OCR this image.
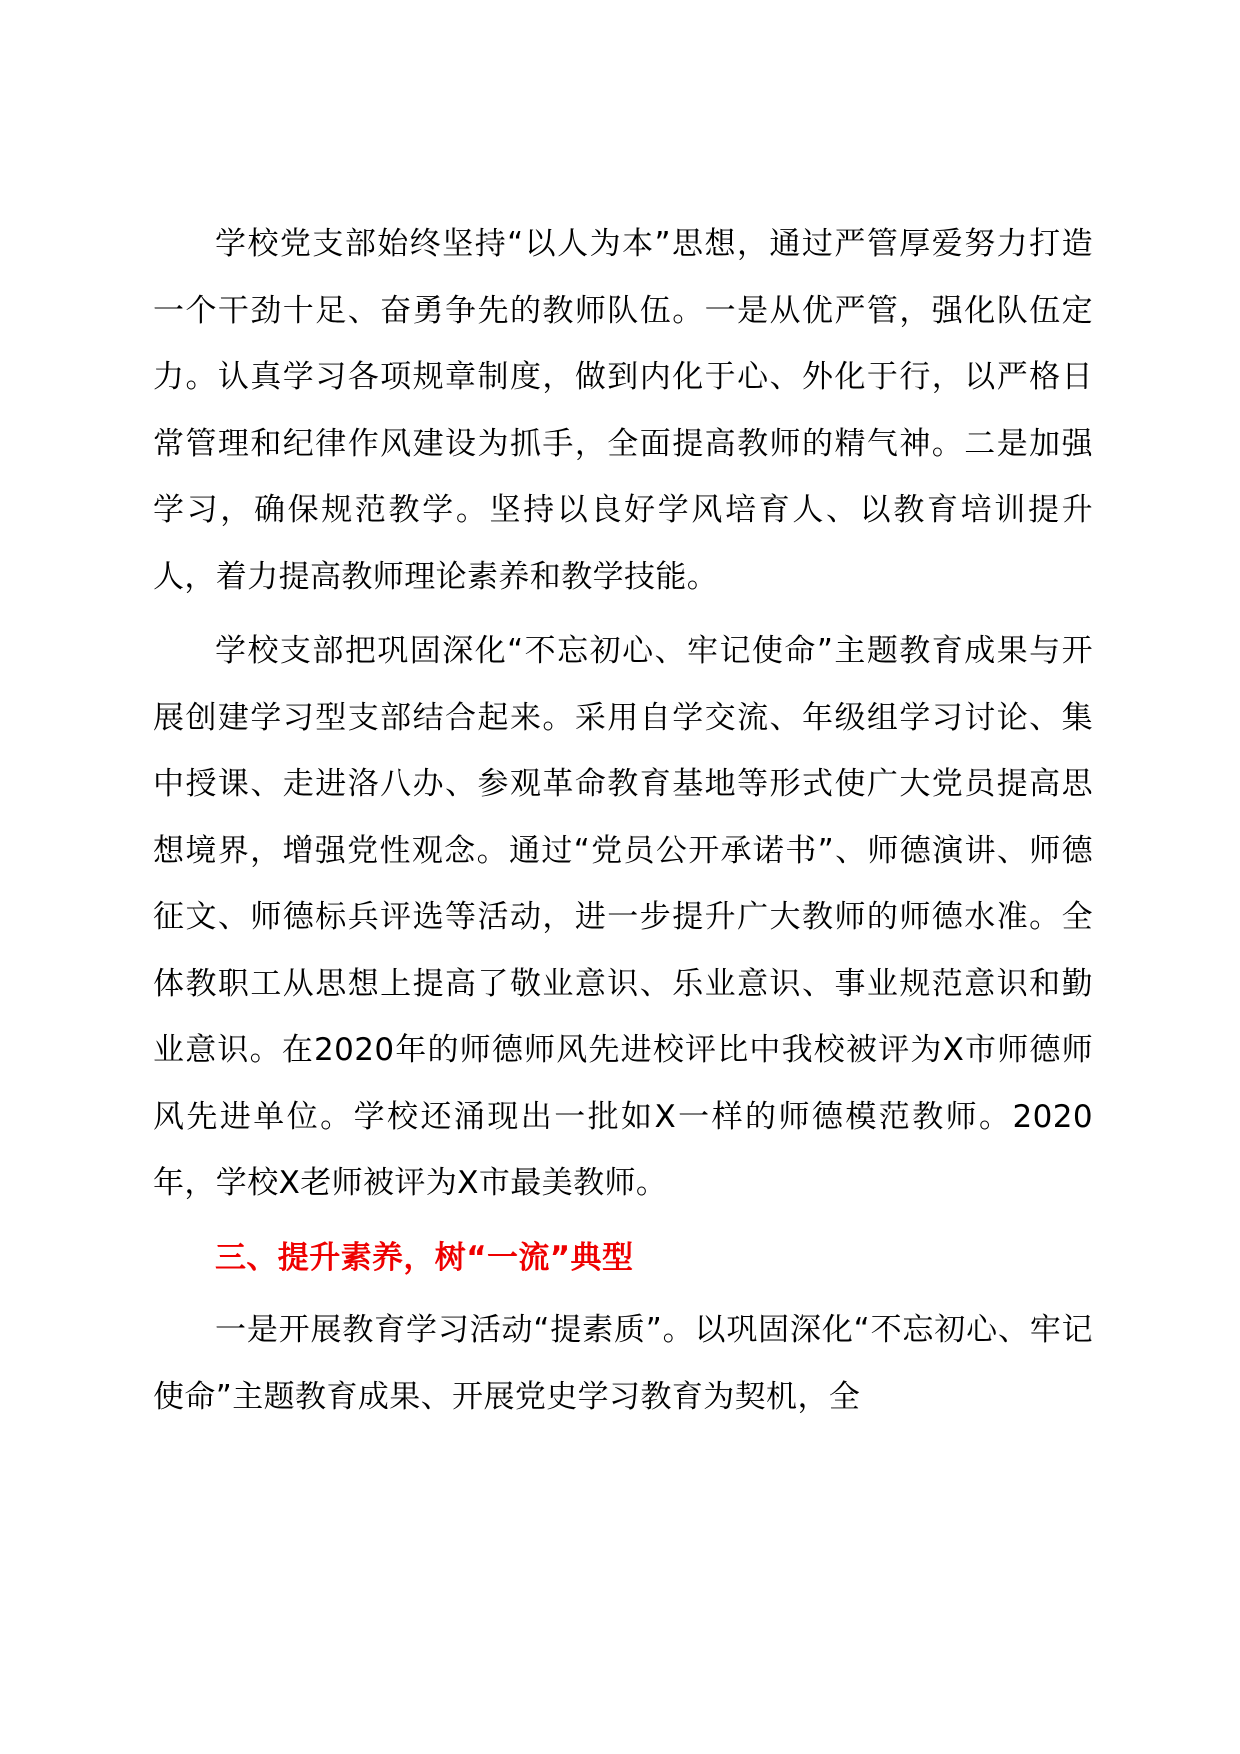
学校党支部始终坚持“以人为本”思想，通过严管厚爱努力打造一个干劲十足、奋勇争先的教师队伍。一是从优严管，强化队伍定力。认真学习各项规章制度，做到内化于心、外化于行，以严格日常管理和纪律作风建设为抓手，全面提高教师的精气神。二是加强学习，确保规范教学。坚持以良好学风培育人、以教育培训提升人，着力提高教师理论素养和教学技能。

学校支部把巩固深化“不忘初心、牢记使命”主题教育成果与开展创建学习型支部结合起来。采用自学交流、年级组学习讨论、集中授课、走进洛八办、参观革命教育基地等形式使广大党员提高思想境界，增强党性观念。通过“党员公开承诺书”、师德演讲、师德征文、师德标兵评选等活动，进一步提升广大教师的师德水准。全体教职工从思想上提高了敬业意识、乐业意识、事业规范意识和勤业意识。在2020年的师德师风先进校评比中我校被评为X市师德师风先进单位。学校还涌现出一批如X一样的师德模范教师。2020年，学校X老师被评为X市最美教师。

三、提升素养，树“一流”典型

一是开展教育学习活动“提素质”。以巩固深化“不忘初心、牢记使命”主题教育成果、开展党史学习教育为契机，全
